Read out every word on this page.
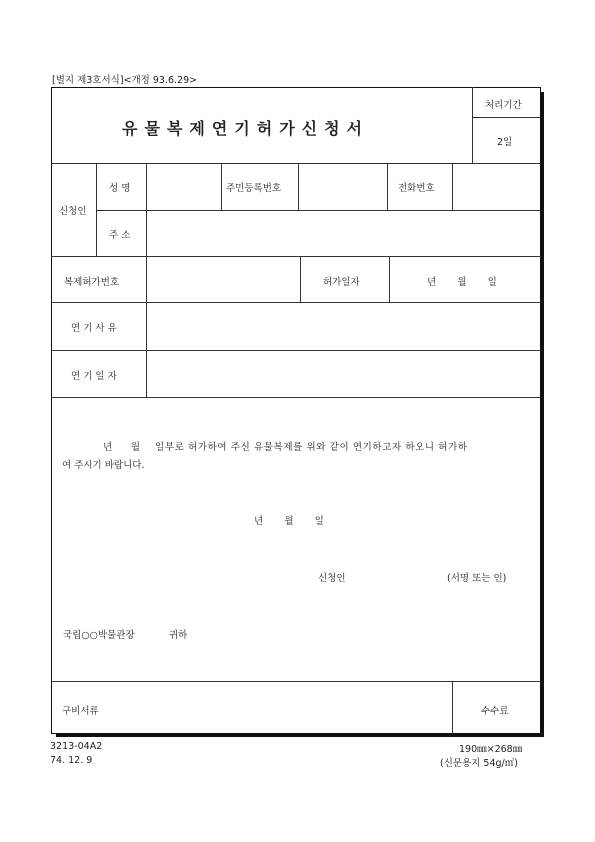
[별지 제3호서식]<개정 93.6.29>
유물복제연기허가신청서
처리기간
2일
신청인
성 명	주민등록번호	전화번호
주 소
복제허가번호	허가일자	년       월       일
연 기 사 유
연 기 일 자
년     월    일부로 허가하여 주신 유물복제를 위와 같이 연기하고자 하오니 허가하
여 주시기 바랍니다.
년       월       일
신청인	(서명 또는 인)
국립○○박물관장	귀하
구비서류	수수료
3213-04A2
74. 12. 9
190㎜×268㎜
(신문용지 54g/㎡)
